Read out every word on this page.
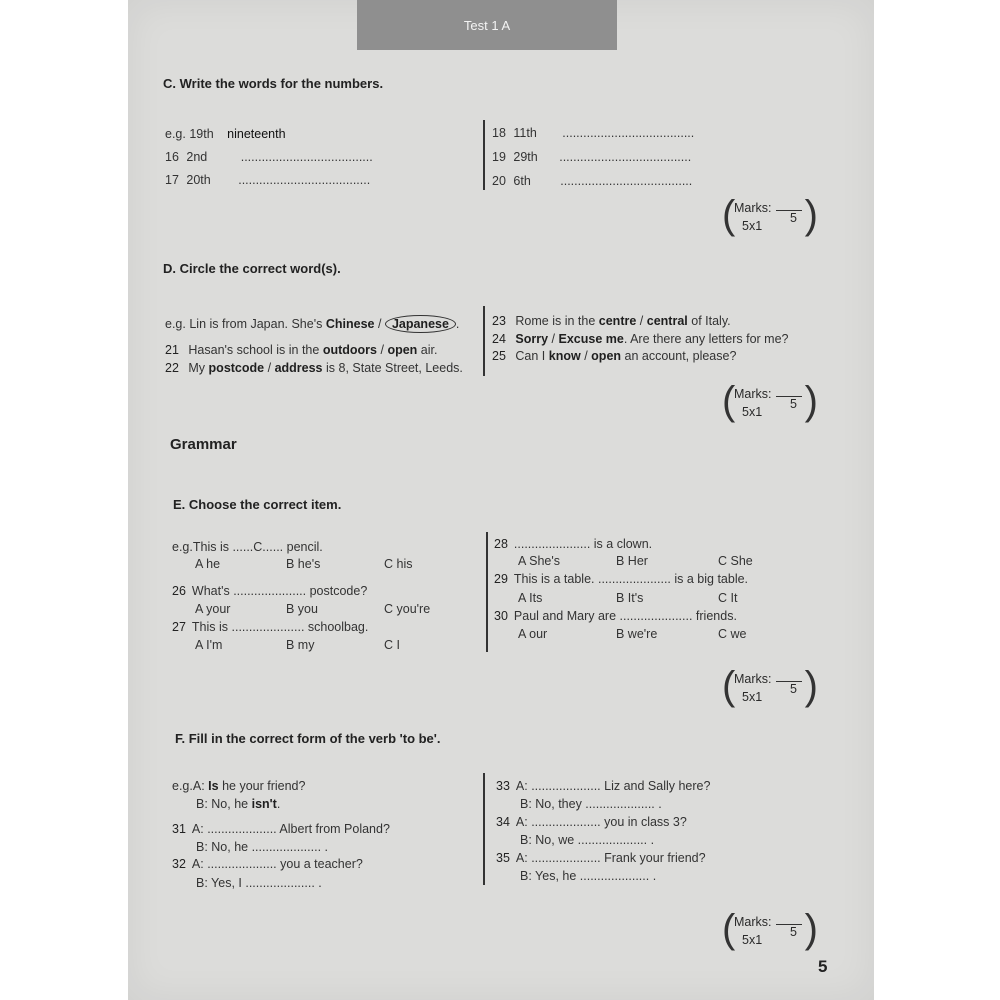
Test 1 A
C. Write the words for the numbers.
e.g. 19th nineteenth
16 2nd	......................................
17 20th ......................................
18 11th ......................................
19 29th ......................................
20 6th ......................................
(
Marks:
5
5x1 )
D. Circle the correct word(s).
e.g. Lin is from Japan. She's Chinese / Japanese .
21 Hasan's school is in the outdoors / open air.
22 My postcode / address is 8, State Street, Leeds.
23 Rome is in the centre / central of Italy.
24 Sorry / Excuse me. Are there any letters for me?
25 Can I know / open an account, please?
(
Marks:
5
5x1 )
Grammar
E. Choose the correct item.
e.g.This is ......C...... pencil.
A he	B he's	C his
26 What's ..................... postcode?
A your	B you	C you're
27 This is ..................... schoolbag.
A I'm	B my	C I
28 ...................... is a clown.
A She's	B Her	C She
29 This is a table. ..................... is a big table.
A Its	B It's	C It
30 Paul and Mary are ..................... friends.
A our	B we're	C we
(
Marks:
5
5x1 )
F. Fill in the correct form of the verb 'to be'.
e.g.A: Is he your friend?
B: No, he isn't.
31 A: .................... Albert from Poland?
B: No, he .................... .
32 A: .................... you a teacher?
B: Yes, I .................... .
33 A: .................... Liz and Sally here?
B: No, they .................... .
34 A: .................... you in class 3?
B: No, we .................... .
35 A: .................... Frank your friend?
B: Yes, he .................... .
(
Marks:
5
5x1 )
5
